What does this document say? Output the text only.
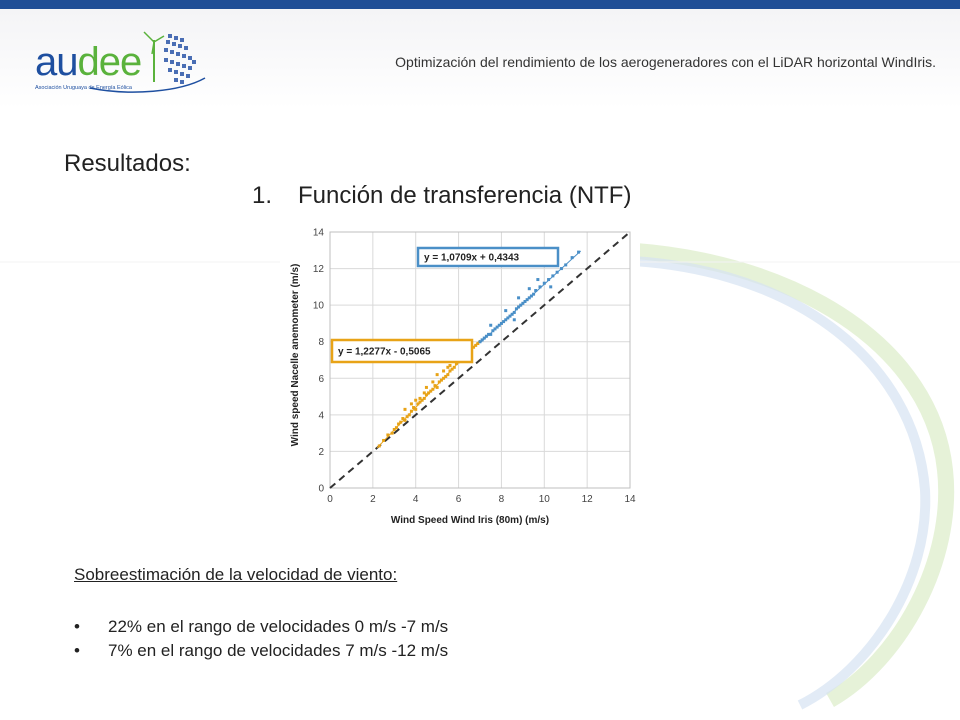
audee
Asociación Uruguaya de Energía Eólica
Optimización del rendimiento de los aerogeneradores con el LiDAR horizontal WindIris.
Resultados:
1. Función de transferencia (NTF)
0	2	4	6	8	10	12	14
0
2
4
6
8
10
12
14
y = 1,0709x + 0,4343
y = 1,2277x - 0,5065
Wind Speed Wind Iris (80m) (m/s)
Wind speed Nacelle anemometer (m/s)
Sobreestimación de la velocidad de viento:
• 22% en el rango de velocidades 0 m/s -7 m/s
• 7% en el rango de velocidades 7 m/s -12 m/s
